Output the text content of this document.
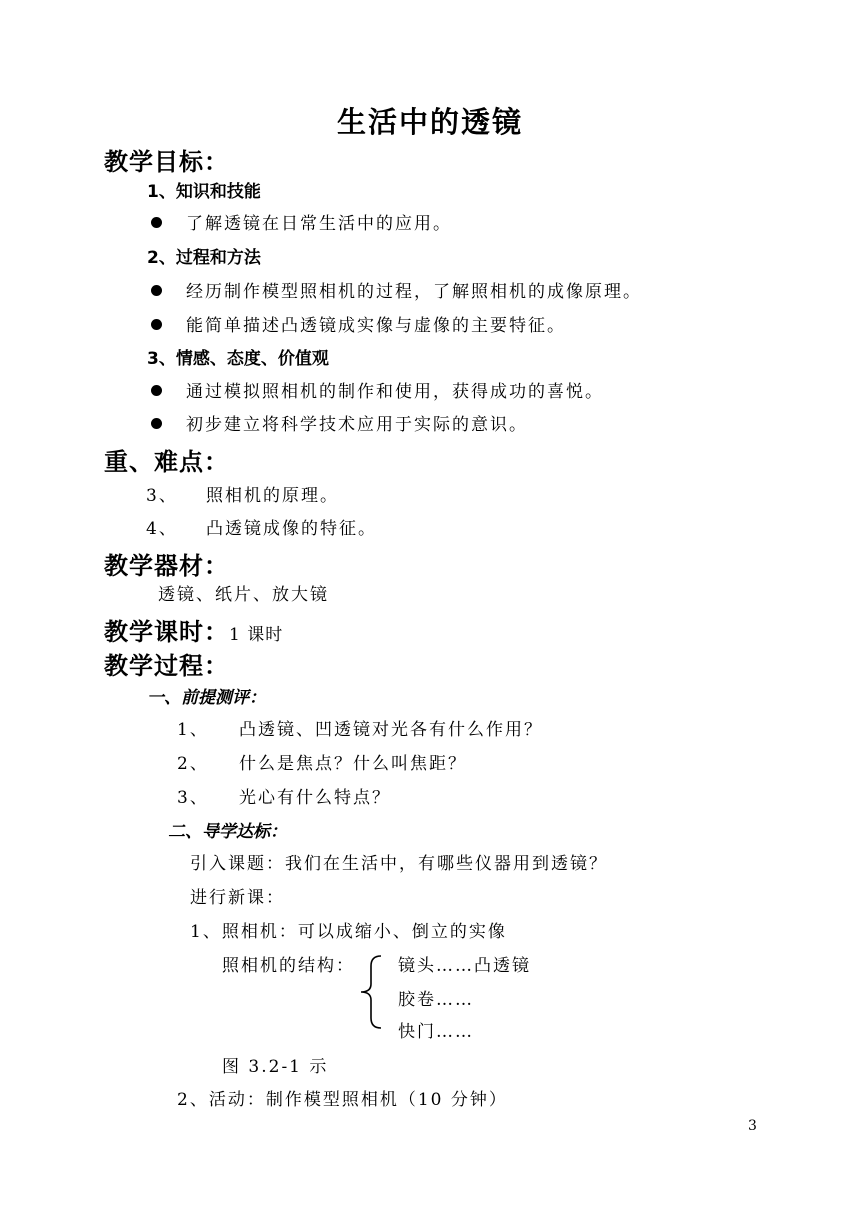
生活中的透镜
教学目标：
1、知识和技能
了解透镜在日常生活中的应用。
2、过程和方法
经历制作模型照相机的过程，了解照相机的成像原理。
能简单描述凸透镜成实像与虚像的主要特征。
3、情感、态度、价值观
通过模拟照相机的制作和使用，获得成功的喜悦。
初步建立将科学技术应用于实际的意识。
重、难点：
3、 照相机的原理。
4、 凸透镜成像的特征。
教学器材：
透镜、纸片、放大镜
教学课时：1 课时
教学过程：
一、前提测评：
1、 凸透镜、凹透镜对光各有什么作用？
2、 什么是焦点？什么叫焦距？
3、 光心有什么特点？
二、导学达标：
引入课题：我们在生活中，有哪些仪器用到透镜？
进行新课：
1、照相机：可以成缩小、倒立的实像
照相机的结构：	镜头……凸透镜
胶卷……
快门……
图 3.2-1 示
2、活动：制作模型照相机（10 分钟）
3
